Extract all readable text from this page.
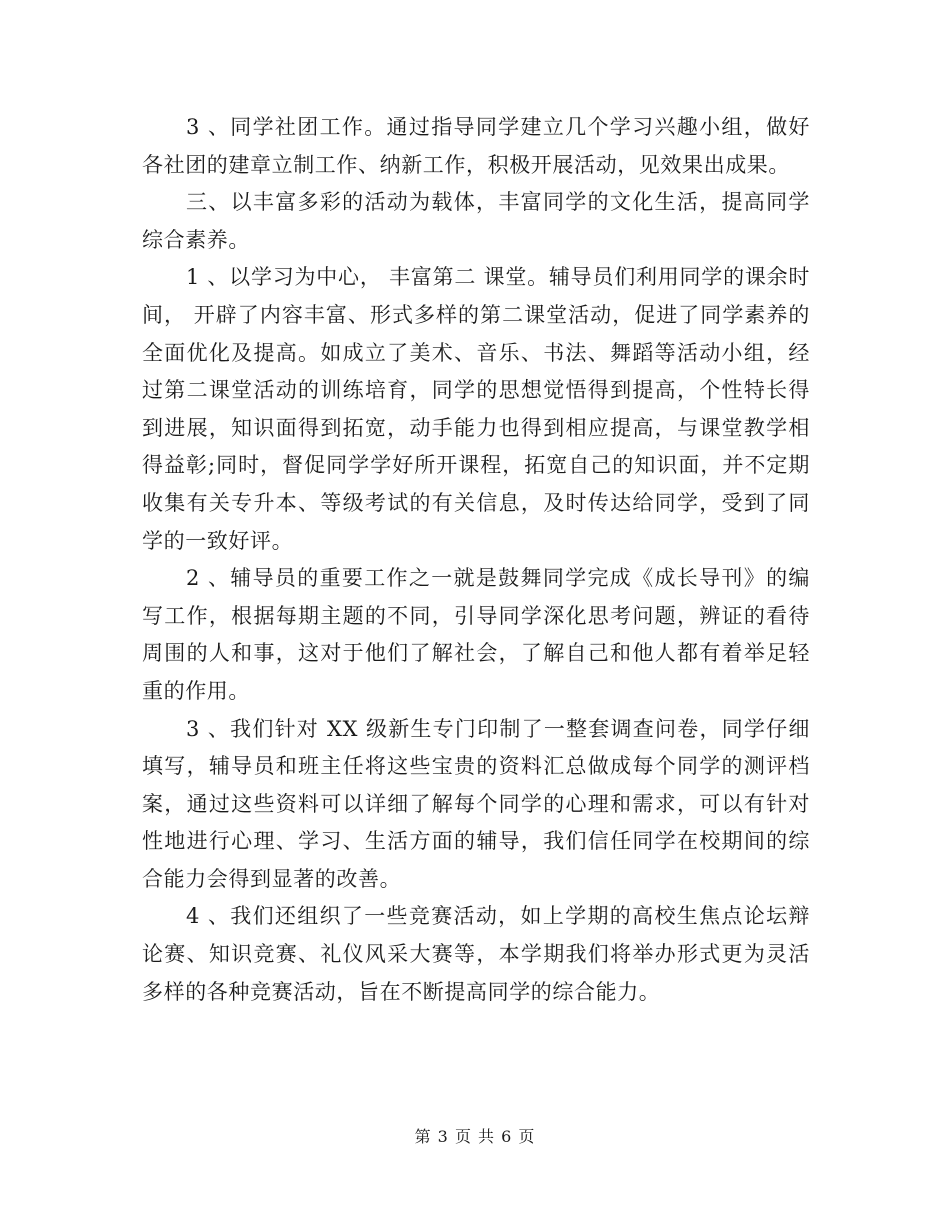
3 、同学社团工作。通过指导同学建立几个学习兴趣小组，做好各社团的建章立制工作、纳新工作，积极开展活动，见效果出成果。

三、以丰富多彩的活动为载体，丰富同学的文化生活，提高同学综合素养。

1 、以学习为中心， 丰富第二 课堂。辅导员们利用同学的课余时间， 开辟了内容丰富、形式多样的第二课堂活动，促进了同学素养的全面优化及提高。如成立了美术、音乐、书法、舞蹈等活动小组，经过第二课堂活动的训练培育，同学的思想觉悟得到提高，个性特长得到进展，知识面得到拓宽，动手能力也得到相应提高，与课堂教学相得益彰;同时，督促同学学好所开课程，拓宽自己的知识面，并不定期收集有关专升本、等级考试的有关信息，及时传达给同学，受到了同学的一致好评。

2 、辅导员的重要工作之一就是鼓舞同学完成《成长导刊》的编写工作，根据每期主题的不同，引导同学深化思考问题，辨证的看待周围的人和事，这对于他们了解社会，了解自己和他人都有着举足轻重的作用。

3 、我们针对 XX 级新生专门印制了一整套调查问卷，同学仔细填写，辅导员和班主任将这些宝贵的资料汇总做成每个同学的测评档案，通过这些资料可以详细了解每个同学的心理和需求，可以有针对性地进行心理、学习、生活方面的辅导，我们信任同学在校期间的综合能力会得到显著的改善。

4 、我们还组织了一些竞赛活动，如上学期的高校生焦点论坛辩论赛、知识竞赛、礼仪风采大赛等，本学期我们将举办形式更为灵活多样的各种竞赛活动，旨在不断提高同学的综合能力。

第 3 页 共 6 页
